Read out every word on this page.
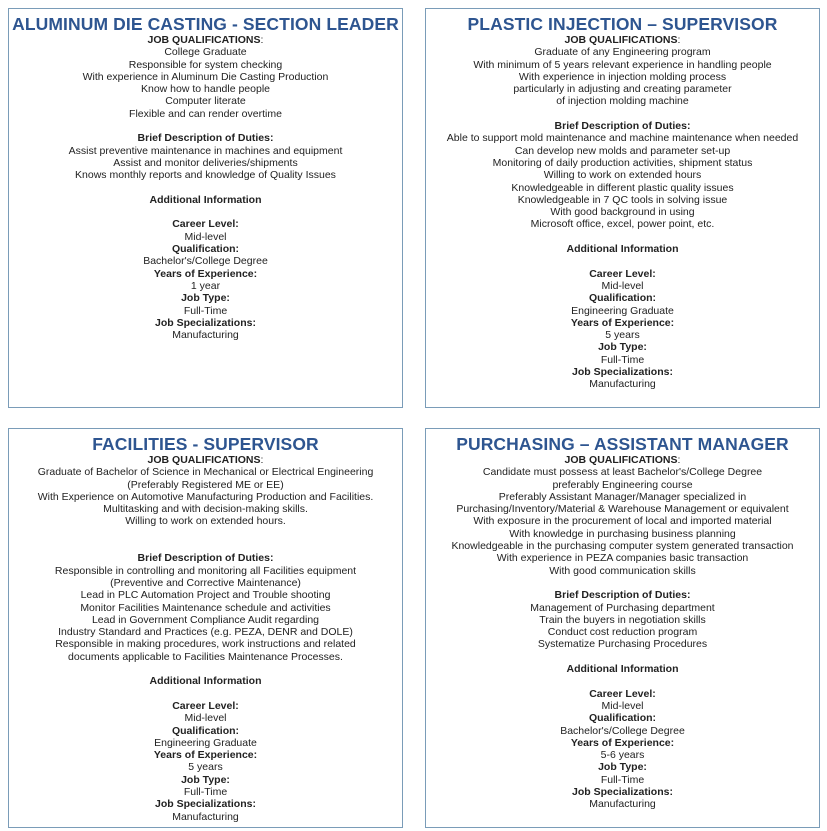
ALUMINUM DIE CASTING - SECTION LEADER
JOB QUALIFICATIONS:
College Graduate
Responsible for system checking
With experience in Aluminum Die Casting Production
Know how to handle people
Computer literate
Flexible and can render overtime
Brief Description of Duties:
Assist preventive maintenance in machines and equipment
Assist and monitor deliveries/shipments
Knows monthly reports and knowledge of Quality Issues
Additional Information
Career Level:
Mid-level
Qualification:
Bachelor's/College Degree
Years of Experience:
1 year
Job Type:
Full-Time
Job Specializations:
Manufacturing
PLASTIC INJECTION – SUPERVISOR
JOB QUALIFICATIONS:
Graduate of any Engineering program
With minimum of 5 years relevant experience in handling people
With experience in injection molding process
particularly in adjusting and creating parameter
of injection molding machine
Brief Description of Duties:
Able to support mold maintenance and machine maintenance when needed
Can develop new molds and parameter set-up
Monitoring of daily production activities, shipment status
Willing to work on extended hours
Knowledgeable in different plastic quality issues
Knowledgeable in 7 QC tools in solving issue
With good background in using
Microsoft office, excel, power point, etc.
Additional Information
Career Level:
Mid-level
Qualification:
Engineering Graduate
Years of Experience:
5 years
Job Type:
Full-Time
Job Specializations:
Manufacturing
FACILITIES - SUPERVISOR
JOB QUALIFICATIONS:
Graduate of Bachelor of Science in Mechanical or Electrical Engineering
(Preferably Registered ME or EE)
With Experience on Automotive Manufacturing Production and Facilities.
Multitasking and with decision-making skills.
Willing to work on extended hours.
Brief Description of Duties:
Responsible in controlling and monitoring all Facilities equipment
(Preventive and Corrective Maintenance)
Lead in PLC Automation Project and Trouble shooting
Monitor Facilities Maintenance schedule and activities
Lead in Government Compliance Audit regarding
Industry Standard and Practices (e.g. PEZA, DENR and DOLE)
Responsible in making procedures, work instructions and related
documents applicable to Facilities Maintenance Processes.
Additional Information
Career Level:
Mid-level
Qualification:
Engineering Graduate
Years of Experience:
5 years
Job Type:
Full-Time
Job Specializations:
Manufacturing
PURCHASING – ASSISTANT MANAGER
JOB QUALIFICATIONS:
Candidate must possess at least Bachelor's/College Degree
preferably Engineering course
Preferably Assistant Manager/Manager specialized in
Purchasing/Inventory/Material & Warehouse Management or equivalent
With exposure in the procurement of local and imported material
With knowledge in purchasing business planning
Knowledgeable in the purchasing computer system generated transaction
With experience in PEZA companies basic transaction
With good communication skills
Brief Description of Duties:
Management of Purchasing department
Train the buyers in negotiation skills
Conduct cost reduction program
Systematize Purchasing Procedures
Additional Information
Career Level:
Mid-level
Qualification:
Bachelor's/College Degree
Years of Experience:
5-6 years
Job Type:
Full-Time
Job Specializations:
Manufacturing
